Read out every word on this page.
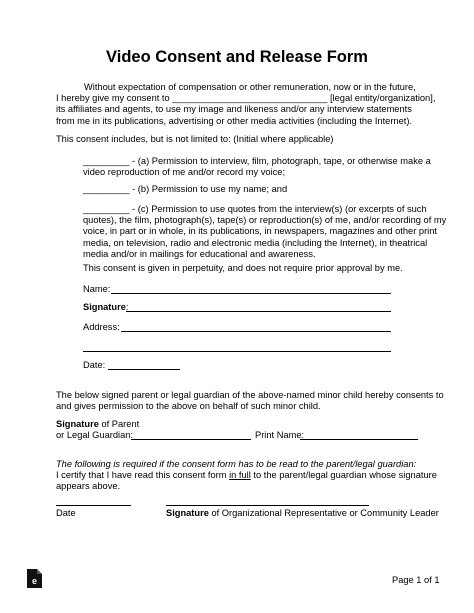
Video Consent and Release Form
Without expectation of compensation or other remuneration, now or in the future,
I hereby give my consent to ______________________________ [legal entity/organization],
its affiliates and agents, to use my image and likeness and/or any interview statements
from me in its publications, advertising or other media activities (including the Internet).
This consent includes, but is not limited to: (Initial where applicable)
_________ - (a) Permission to interview, film, photograph, tape, or otherwise make a
video reproduction of me and/or record my voice;
_________ - (b) Permission to use my name; and
_________ - (c) Permission to use quotes from the interview(s) (or excerpts of such
quotes), the film, photograph(s), tape(s) or reproduction(s) of me, and/or recording of my
voice, in part or in whole, in its publications, in newspapers, magazines and other print
media, on television, radio and electronic media (including the Internet), in theatrical
media and/or in mailings for educational and awareness.
This consent is given in perpetuity, and does not require prior approval by me.
Name:
Signature:
Address:
Date:
The below signed parent or legal guardian of the above-named minor child hereby consents to
and gives permission to the above on behalf of such minor child.
Signature of Parent
or Legal Guardian:	Print Name:
The following is required if the consent form has to be read to the parent/legal guardian:
I certify that I have read this consent form in full to the parent/legal guardian whose signature
appears above.
Date	Signature of Organizational Representative or Community Leader
e	Page 1 of 1
